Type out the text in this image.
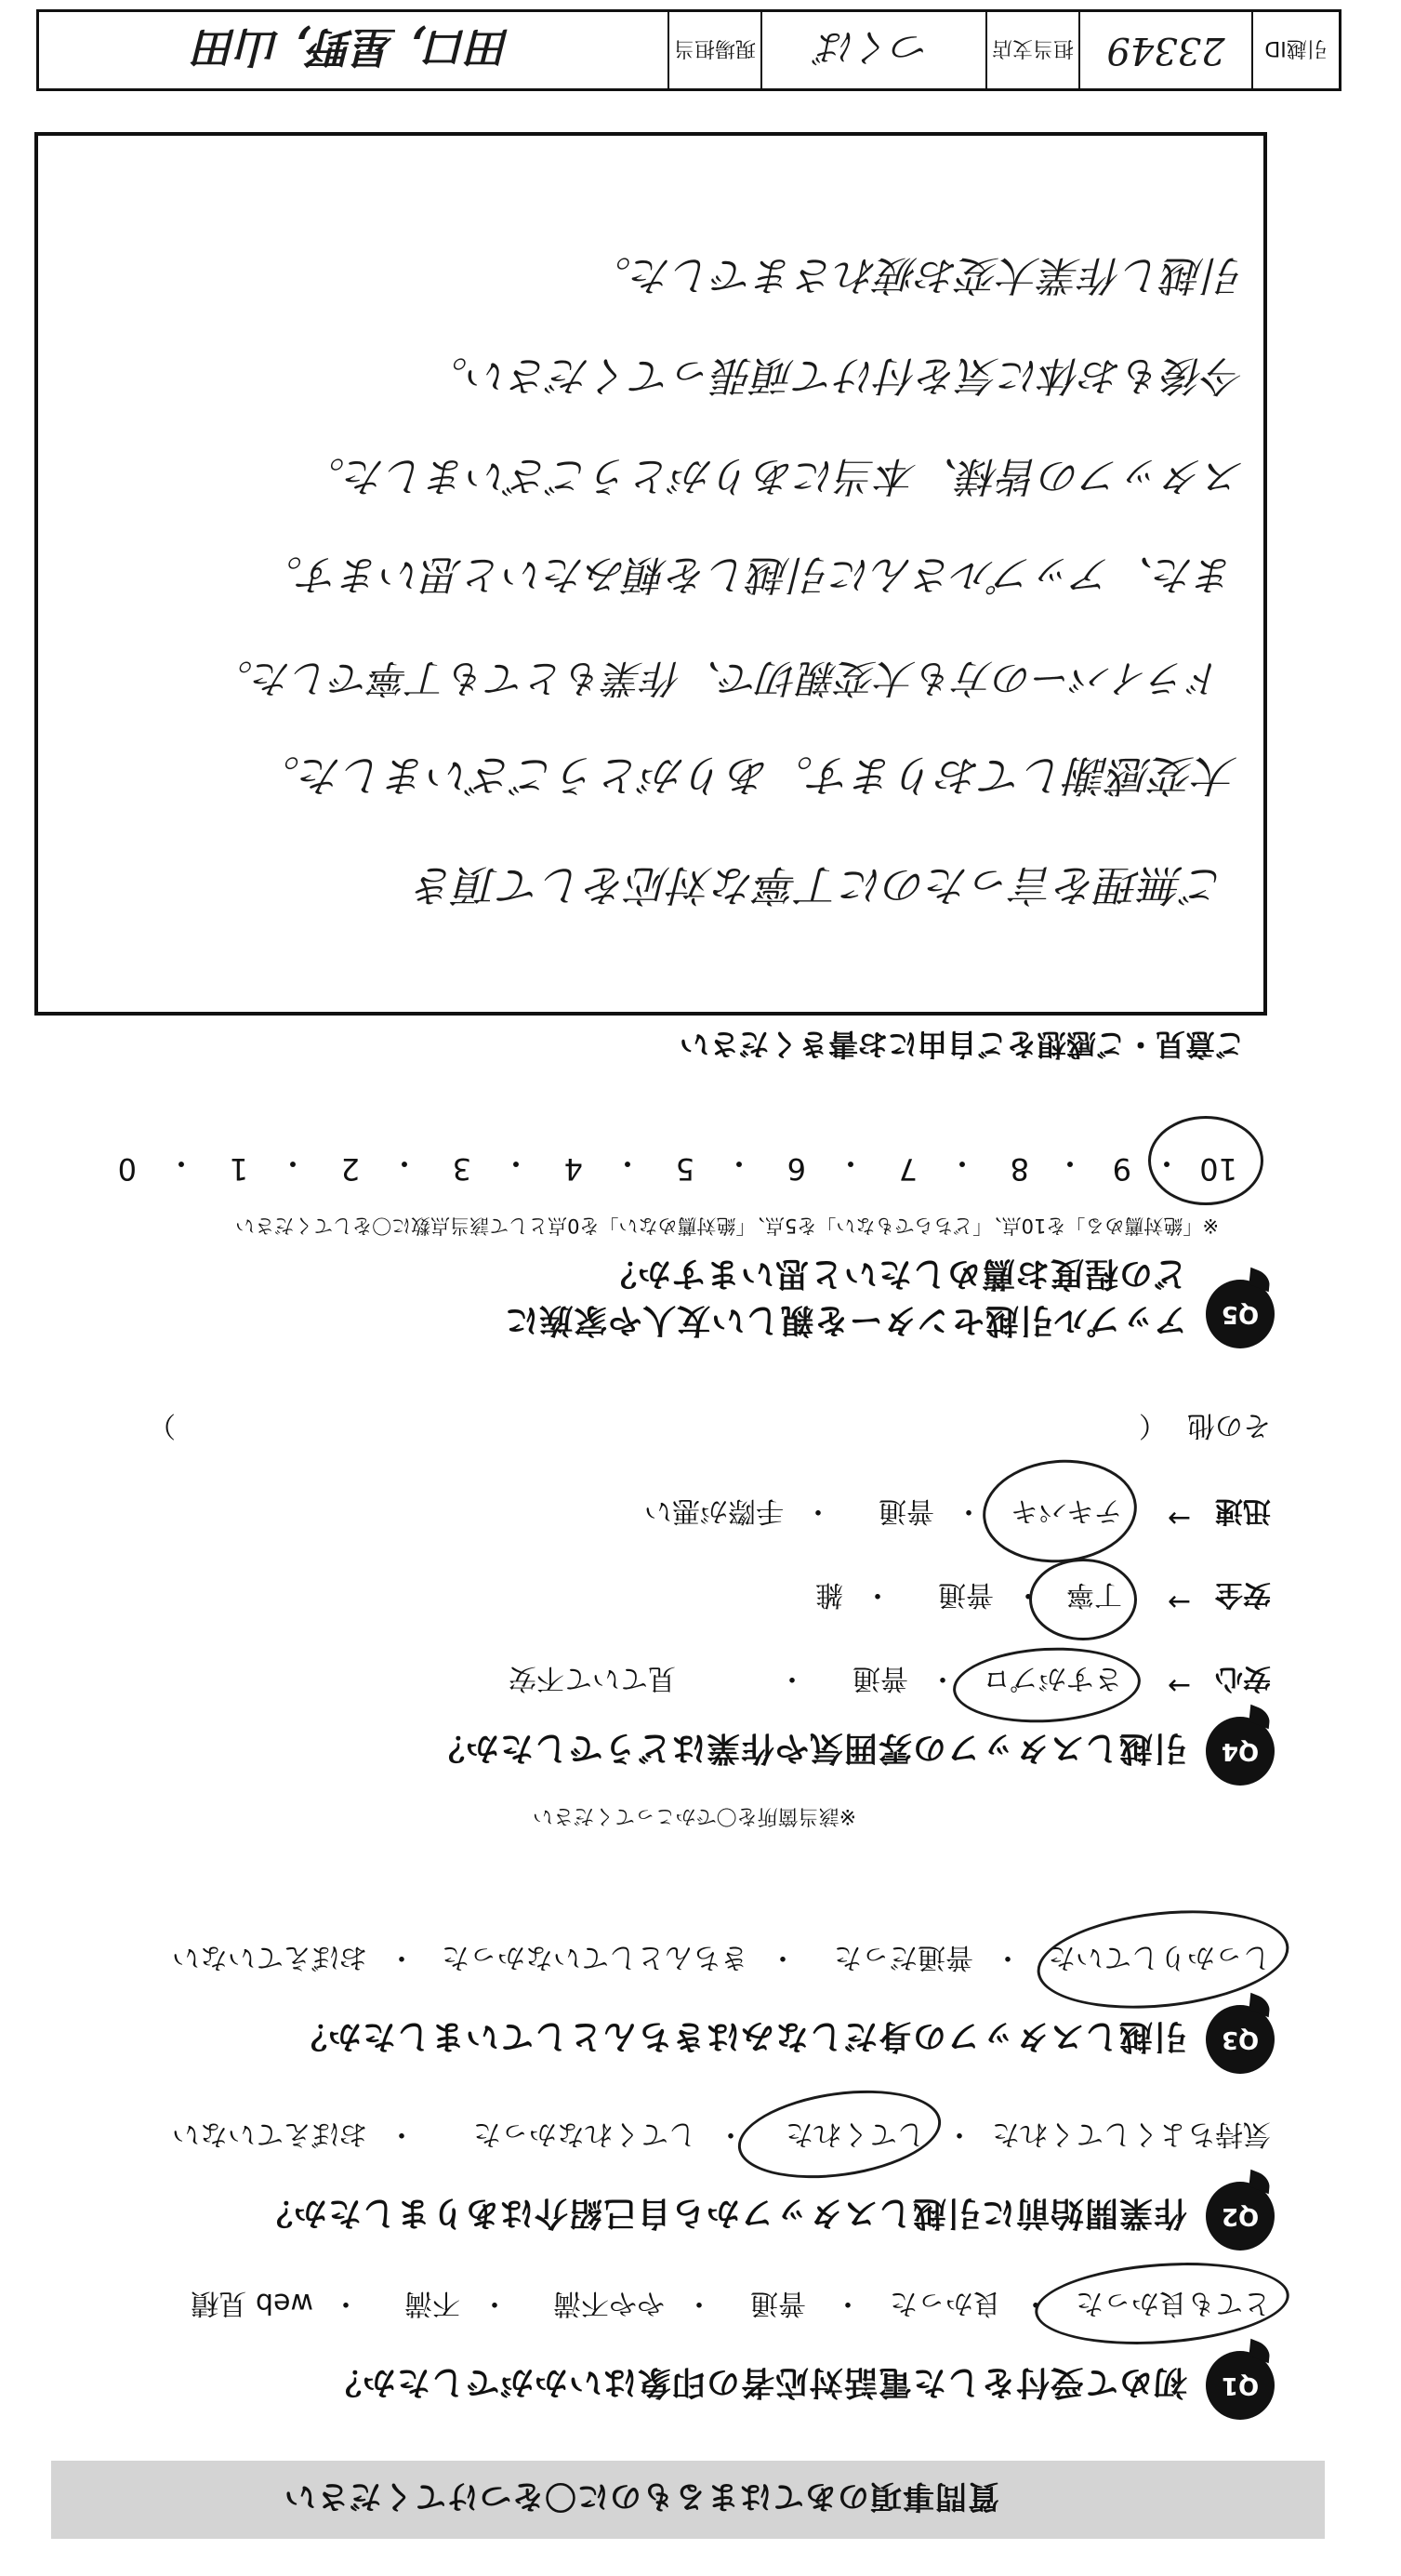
質問事項のあてはまるものに〇をつけてください
Q1
初めて受付をした電話対応者の印象はいかがでしたか？
とても良かった
・
良かった
・
普通
・
やや不満
・
不満
・
web 見積
Q2
作業開始前に引越しスタッフから自己紹介はありましたか？
気持ちよくしてくれた
・
してくれた
・
してくれなかった
・
おぼえていない
Q3
引越しスタッフの身だしなみはきちんとしていましたか？
しっかりしていた
・
普通だった
・
きちんとしていなかった
・
おぼえていない
Q4
引越しスタッフの雰囲気や作業はどうでしたか？
※該当箇所を〇でかこってください
安心
→
さすがプロ
・
普通
・
見ていて不安
安全
→
丁寧
・
普通
・
雑
迅速
→
テキパキ
・
普通
・
手際が悪い
その他
（
）
Q5
アップル引越センターを親しい友人や家族に
どの程度お薦めしたいと思いますか？
※「絶対薦める」を10点、「どちらでもない」を5点、「絶対薦めない」を0点として該当点数に〇をしてください
10
・
9
・
8
・
7
・
6
・
5
・
4
・
3
・
2
・
1
・
0
ご意見・ご感想をご自由にお書きください
ご無理を言ったのに丁寧な対応をして頂き
大変感謝しております。ありがとうございました。
ドライバーの方も大変親切で、作業もとても丁寧でした。
また、アップルさんに引越しを頼みたいと思います。
スタッフの皆様、本当にありがとうございました。
今後もお体に気を付けて頑張ってください。
引越し作業大変お疲れさまでした。
引越ID
23349
担当支店
つくば
現場担当
田口, 星野, 山田
